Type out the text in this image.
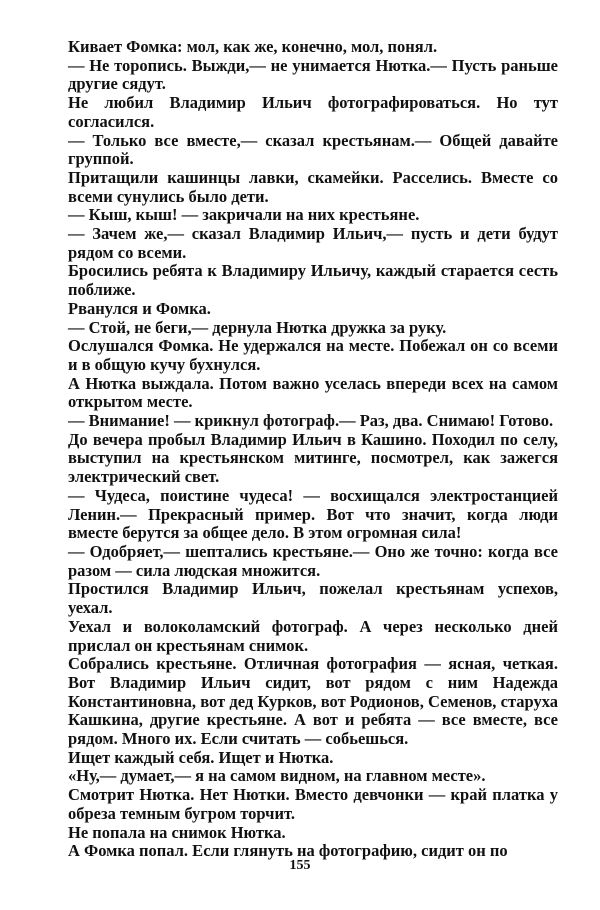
Кивает Фомка: мол, как же, конечно, мол, понял.

— Не торопись. Выжди,— не унимается Нютка.— Пусть раньше другие сядут.

Не любил Владимир Ильич фотографироваться. Но тут согласился.

— Только все вместе,— сказал крестьянам.— Общей давайте группой.

Притащили кашинцы лавки, скамейки. Расселись. Вместе со всеми сунулись было дети.

— Кыш, кыш! — закричали на них крестьяне.

— Зачем же,— сказал Владимир Ильич,— пусть и дети будут рядом со всеми.

Бросились ребята к Владимиру Ильичу, каждый старается сесть поближе.

Рванулся и Фомка.

— Стой, не беги,— дернула Нютка дружка за руку.

Ослушался Фомка. Не удержался на месте. Побежал он со всеми и в общую кучу бухнулся.

А Нютка выждала. Потом важно уселась впереди всех на самом открытом месте.

— Внимание! — крикнул фотограф.— Раз, два. Снимаю! Готово.

До вечера пробыл Владимир Ильич в Кашино. Походил по селу, выступил на крестьянском митинге, посмотрел, как зажегся электрический свет.

— Чудеса, поистине чудеса! — восхищался электростанцией Ленин.— Прекрасный пример. Вот что значит, когда люди вместе берутся за общее дело. В этом огромная сила!

— Одобряет,— шептались крестьяне.— Оно же точно: когда все разом — сила людская множится.

Простился Владимир Ильич, пожелал крестьянам успехов, уехал.

Уехал и волоколамский фотограф. А через несколько дней прислал он крестьянам снимок.

Собрались крестьяне. Отличная фотография — ясная, четкая. Вот Владимир Ильич сидит, вот рядом с ним Надежда Константиновна, вот дед Курков, вот Родионов, Семенов, старуха Кашкина, другие крестьяне. А вот и ребята — все вместе, все рядом. Много их. Если считать — собьешься.

Ищет каждый себя. Ищет и Нютка.

«Ну,— думает,— я на самом видном, на главном месте».

Смотрит Нютка. Нет Нютки. Вместо девчонки — край платка у обреза темным бугром торчит.

Не попала на снимок Нютка.

А Фомка попал. Если глянуть на фотографию, сидит он по

155
